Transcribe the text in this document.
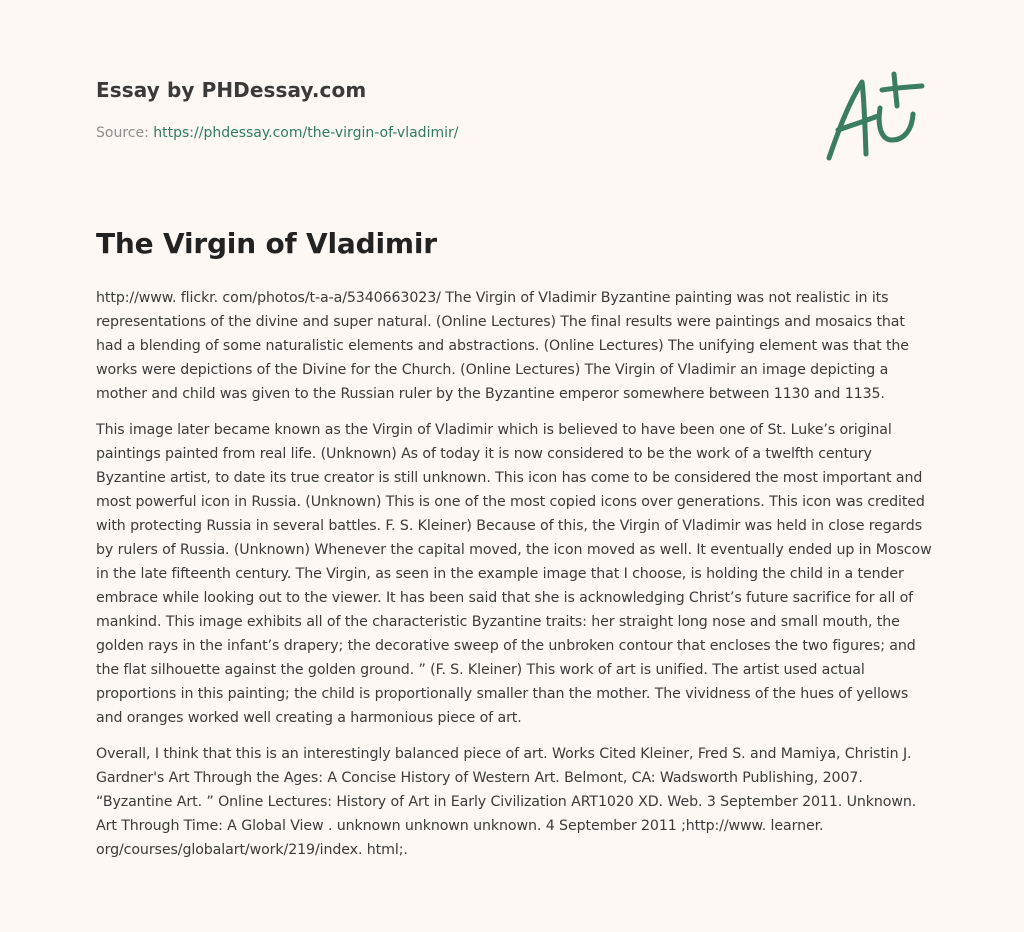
Essay by PHDessay.com
Source: https://phdessay.com/the-virgin-of-vladimir/
The Virgin of Vladimir

http://www. flickr. com/photos/t-a-a/5340663023/ The Virgin of Vladimir Byzantine painting was not realistic in its representations of the divine and super natural. (Online Lectures) The final results were paintings and mosaics that had a blending of some naturalistic elements and abstractions. (Online Lectures) The unifying element was that the works were depictions of the Divine for the Church. (Online Lectures) The Virgin of Vladimir an image depicting a mother and child was given to the Russian ruler by the Byzantine emperor somewhere between 1130 and 1135.

This image later became known as the Virgin of Vladimir which is believed to have been one of St. Luke’s original paintings painted from real life. (Unknown) As of today it is now considered to be the work of a twelfth century Byzantine artist, to date its true creator is still unknown. This icon has come to be considered the most important and most powerful icon in Russia. (Unknown) This is one of the most copied icons over generations. This icon was credited with protecting Russia in several battles. F. S. Kleiner) Because of this, the Virgin of Vladimir was held in close regards by rulers of Russia. (Unknown) Whenever the capital moved, the icon moved as well. It eventually ended up in Moscow in the late fifteenth century. The Virgin, as seen in the example image that I choose, is holding the child in a tender embrace while looking out to the viewer. It has been said that she is acknowledging Christ’s future sacrifice for all of mankind. This image exhibits all of the characteristic Byzantine traits: her straight long nose and small mouth, the golden rays in the infant’s drapery; the decorative sweep of the unbroken contour that encloses the two figures; and the flat silhouette against the golden ground. ” (F. S. Kleiner) This work of art is unified. The artist used actual proportions in this painting; the child is proportionally smaller than the mother. The vividness of the hues of yellows and oranges worked well creating a harmonious piece of art.

Overall, I think that this is an interestingly balanced piece of art. Works Cited Kleiner, Fred S. and Mamiya, Christin J. Gardner's Art Through the Ages: A Concise History of Western Art. Belmont, CA: Wadsworth Publishing, 2007. “Byzantine Art. ” Online Lectures: History of Art in Early Civilization ART1020 XD. Web. 3 September 2011. Unknown. Art Through Time: A Global View . unknown unknown unknown. 4 September 2011 ;http://www. learner. org/courses/globalart/work/219/index. html;.
